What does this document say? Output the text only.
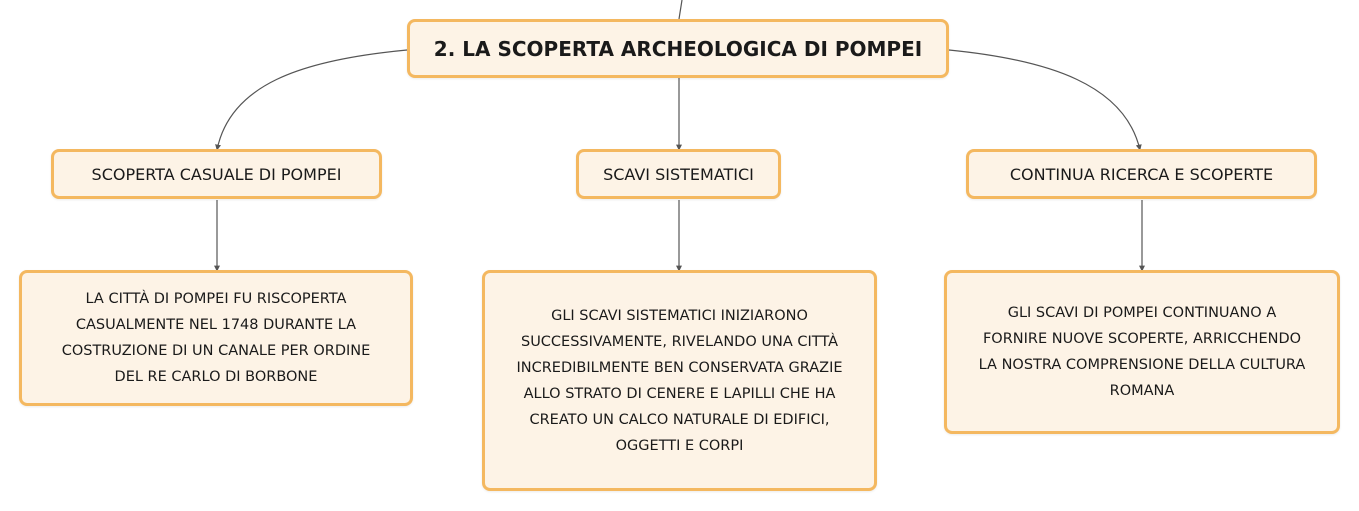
2. LA SCOPERTA ARCHEOLOGICA DI POMPEI
SCOPERTA CASUALE DI POMPEI	SCAVI SISTEMATICI	CONTINUA RICERCA E SCOPERTE
LA CITTÀ DI POMPEI FU RISCOPERTA
CASUALMENTE NEL 1748 DURANTE LA
COSTRUZIONE DI UN CANALE PER ORDINE
DEL RE CARLO DI BORBONE
GLI SCAVI SISTEMATICI INIZIARONO
SUCCESSIVAMENTE, RIVELANDO UNA CITTÀ
INCREDIBILMENTE BEN CONSERVATA GRAZIE
ALLO STRATO DI CENERE E LAPILLI CHE HA
CREATO UN CALCO NATURALE DI EDIFICI,
OGGETTI E CORPI
GLI SCAVI DI POMPEI CONTINUANO A
FORNIRE NUOVE SCOPERTE, ARRICCHENDO
LA NOSTRA COMPRENSIONE DELLA CULTURA
ROMANA
